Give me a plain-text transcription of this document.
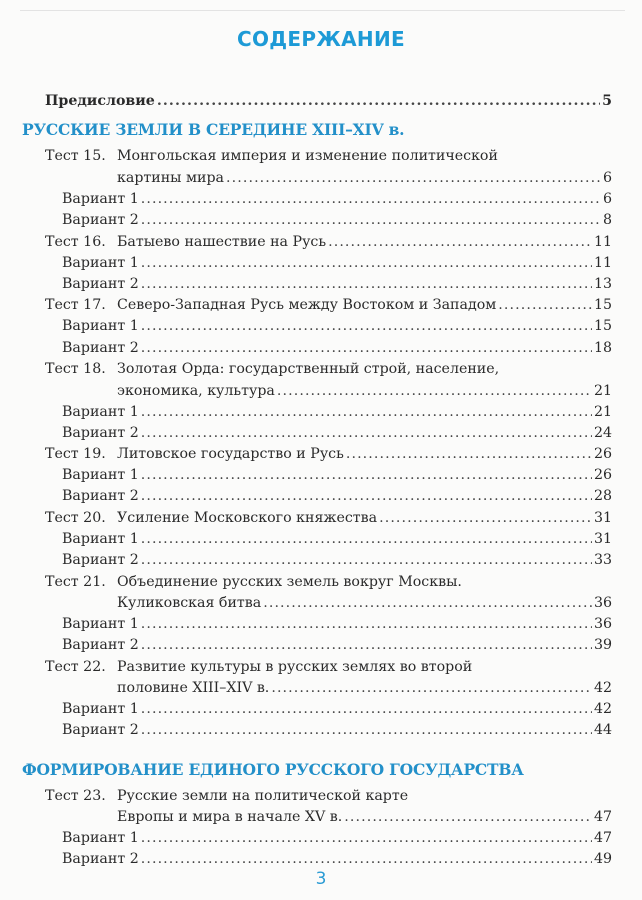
СОДЕРЖАНИЕ
Предисловие .....	5
РУССКИЕ ЗЕМЛИ В СЕРЕДИНЕ XIII–XIV в.
Тест 15. Монгольская империя и изменение политической
картины мира .....	6
Вариант 1 .....	6
Вариант 2 .....	8
Тест 16. Батыево нашествие на Русь .....	11
Вариант 1 .....	11
Вариант 2 .....	13
Тест 17. Северо-Западная Русь между Востоком и Западом .....	15
Вариант 1 .....	15
Вариант 2 .....	18
Тест 18. Золотая Орда: государственный строй, население,
экономика, культура .....	21
Вариант 1 .....	21
Вариант 2 .....	24
Тест 19. Литовское государство и Русь .....	26
Вариант 1 .....	26
Вариант 2 .....	28
Тест 20. Усиление Московского княжества .....	31
Вариант 1 .....	31
Вариант 2 .....	33
Тест 21. Объединение русских земель вокруг Москвы.
Куликовская битва .....	36
Вариант 1 .....	36
Вариант 2 .....	39
Тест 22. Развитие культуры в русских землях во второй
половине XIII–XIV в. .....	42
Вариант 1 .....	42
Вариант 2 .....	44
ФОРМИРОВАНИЕ ЕДИНОГО РУССКОГО ГОСУДАРСТВА
Тест 23. Русские земли на политической карте
Европы и мира в начале XV в. .....	47
Вариант 1 .....	47
Вариант 2 .....	49
3
